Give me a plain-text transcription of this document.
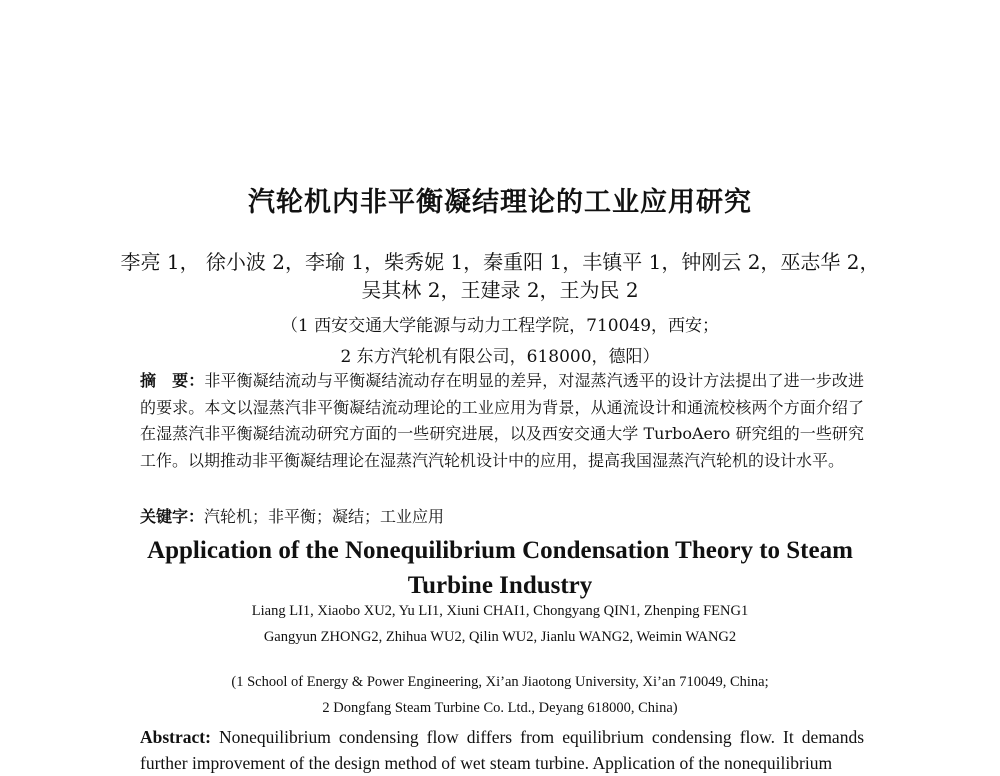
汽轮机内非平衡凝结理论的工业应用研究
李亮 1， 徐小波 2，李瑜 1，柴秀妮 1，秦重阳 1，丰镇平 1，钟刚云 2，巫志华 2，
吴其林 2，王建录 2，王为民 2
（1 西安交通大学能源与动力工程学院，710049，西安；
2 东方汽轮机有限公司，618000，德阳）
摘　要：非平衡凝结流动与平衡凝结流动存在明显的差异，对湿蒸汽透平的设计方法提出了进一步改进的要求。本文以湿蒸汽非平衡凝结流动理论的工业应用为背景，从通流设计和通流校核两个方面介绍了在湿蒸汽非平衡凝结流动研究方面的一些研究进展，以及西安交通大学 TurboAero 研究组的一些研究工作。以期推动非平衡凝结理论在湿蒸汽汽轮机设计中的应用，提高我国湿蒸汽汽轮机的设计水平。
关键字：汽轮机；非平衡；凝结；工业应用
Application of the Nonequilibrium Condensation Theory to Steam Turbine Industry
Liang LI1, Xiaobo XU2, Yu LI1, Xiuni CHAI1, Chongyang QIN1, Zhenping FENG1
Gangyun ZHONG2, Zhihua WU2, Qilin WU2, Jianlu WANG2, Weimin WANG2
(1 School of Energy & Power Engineering, Xi’an Jiaotong University, Xi’an 710049, China;
2 Dongfang Steam Turbine Co. Ltd., Deyang 618000, China)
Abstract: Nonequilibrium condensing flow differs from equilibrium condensing flow. It demands further improvement of the design method of wet steam turbine. Application of the nonequilibrium
